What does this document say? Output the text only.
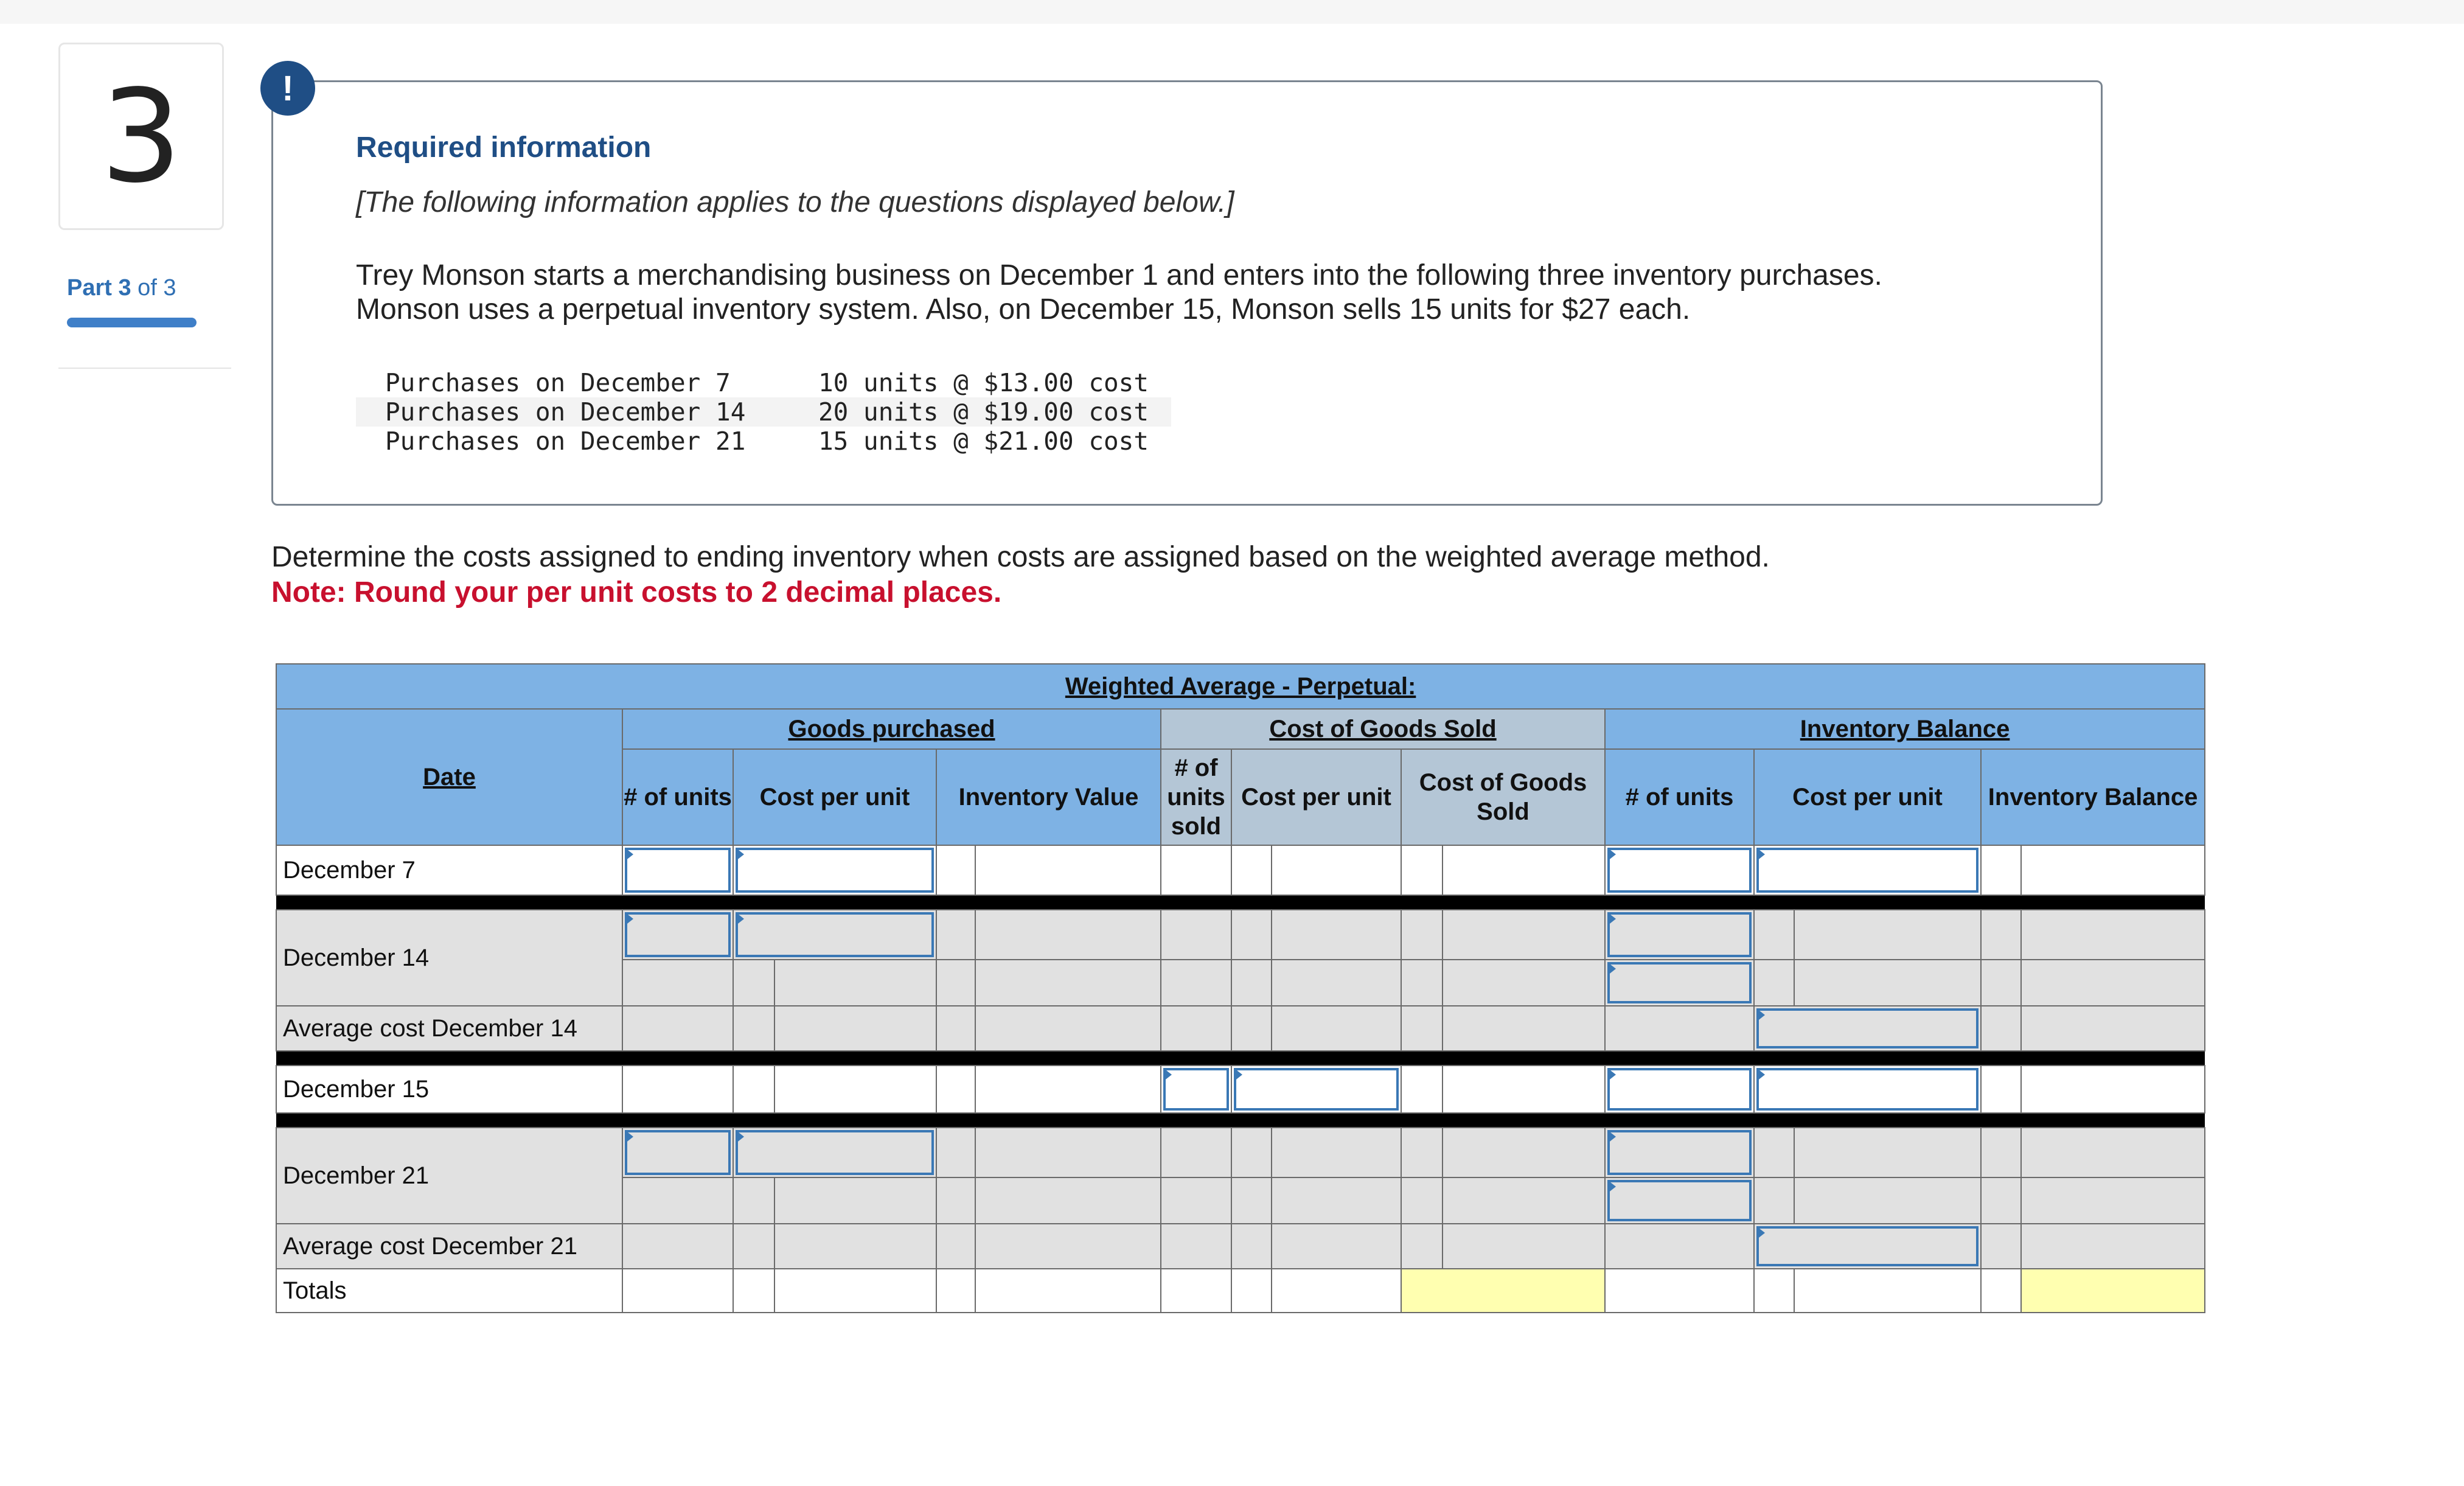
3
Part 3 of 3
Required information
[The following information applies to the questions displayed below.]
Trey Monson starts a merchandising business on December 1 and enters into the following three inventory purchases.
Monson uses a perpetual inventory system. Also, on December 15, Monson sells 15 units for $27 each.
Purchases on December 7	10 units @ $13.00 cost
Purchases on December 14	20 units @ $19.00 cost
Purchases on December 21	15 units @ $21.00 cost
!
Determine the costs assigned to ending inventory when costs are assigned based on the weighted average method.
Note: Round your per unit costs to 2 decimal places.
Weighted Average - Perpetual:															
Date	Goods purchased					Cost of Goods Sold					Inventory Balance				
	# of units	Cost per unit		Inventory Value		# of units sold	Cost per unit		Cost of Goods Sold		# of units	Cost per unit		Inventory Balance	
December 7															

December 14															

Average cost December 14															

December 15															

December 21															

Average cost December 21															
Totals															
